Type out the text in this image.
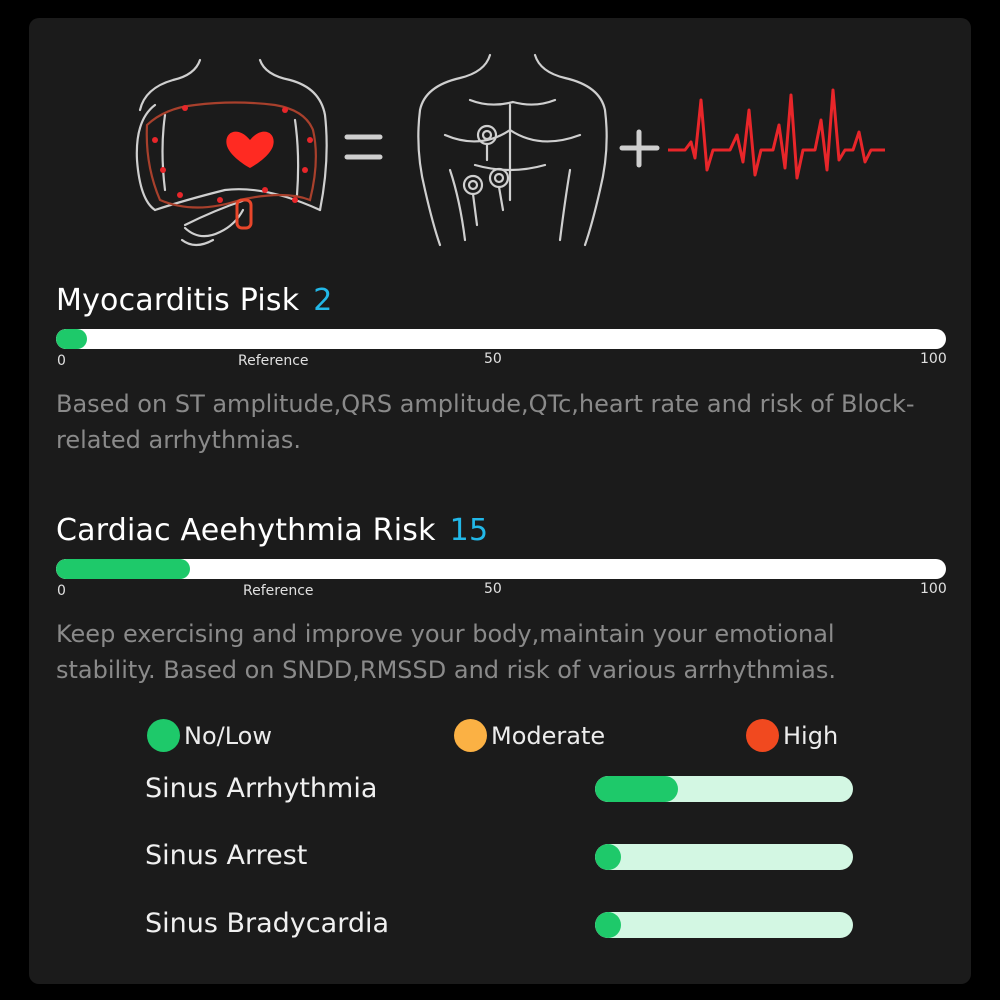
Myocarditis Pisk 2
0	Reference	50	100
Based on ST amplitude,QRS amplitude,QTc,heart rate and risk of Block-related arrhythmias.
Cardiac Aeehythmia Risk 15
0	Reference	50	100
Keep exercising and improve your body,maintain your emotional stability. Based on SNDD,RMSSD and risk of various arrhythmias.
No/Low	Moderate	High
Sinus Arrhythmia
Sinus Arrest
Sinus Bradycardia
